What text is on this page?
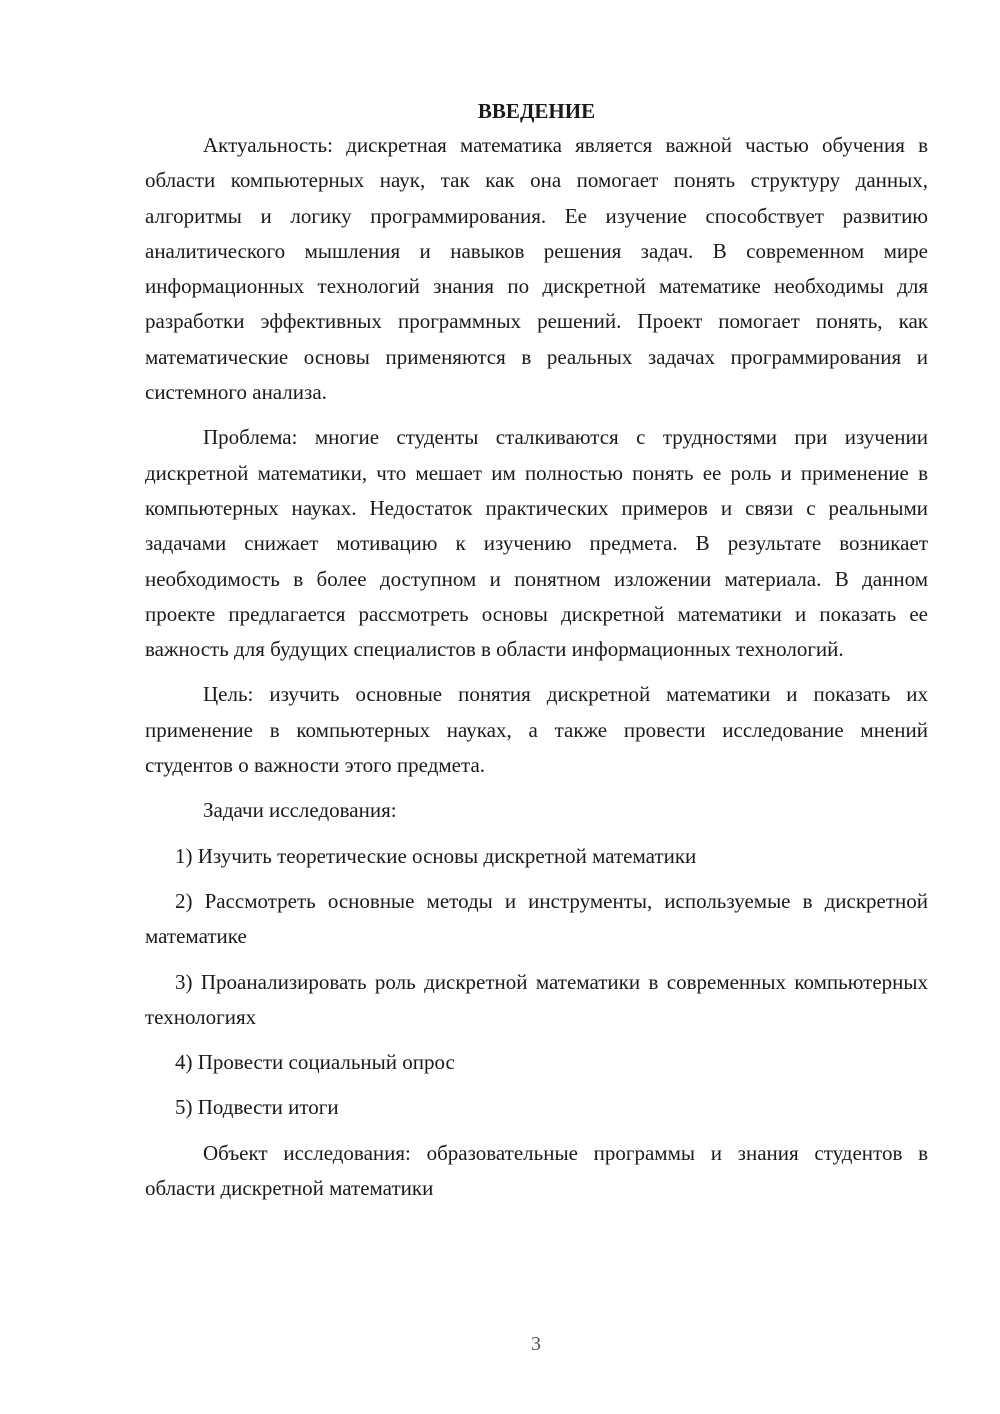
ВВЕДЕНИЕ

Актуальность: дискретная математика является важной частью обучения в области компьютерных наук, так как она помогает понять структуру данных, алгоритмы и логику программирования. Ее изучение способствует развитию аналитического мышления и навыков решения задач. В современном мире информационных технологий знания по дискретной математике необходимы для разработки эффективных программных решений. Проект помогает понять, как математические основы применяются в реальных задачах программирования и системного анализа.

Проблема: многие студенты сталкиваются с трудностями при изучении дискретной математики, что мешает им полностью понять ее роль и применение в компьютерных науках. Недостаток практических примеров и связи с реальными задачами снижает мотивацию к изучению предмета. В результате возникает необходимость в более доступном и понятном изложении материала. В данном проекте предлагается рассмотреть основы дискретной математики и показать ее важность для будущих специалистов в области информационных технологий.

Цель: изучить основные понятия дискретной математики и показать их применение в компьютерных науках, а также провести исследование мнений студентов о важности этого предмета.

Задачи исследования:

1) Изучить теоретические основы дискретной математики

2) Рассмотреть основные методы и инструменты, используемые в дискретной математике

3) Проанализировать роль дискретной математики в современных компьютерных технологиях

4) Провести социальный опрос

5) Подвести итоги

Объект исследования: образовательные программы и знания студентов в области дискретной математики

3
